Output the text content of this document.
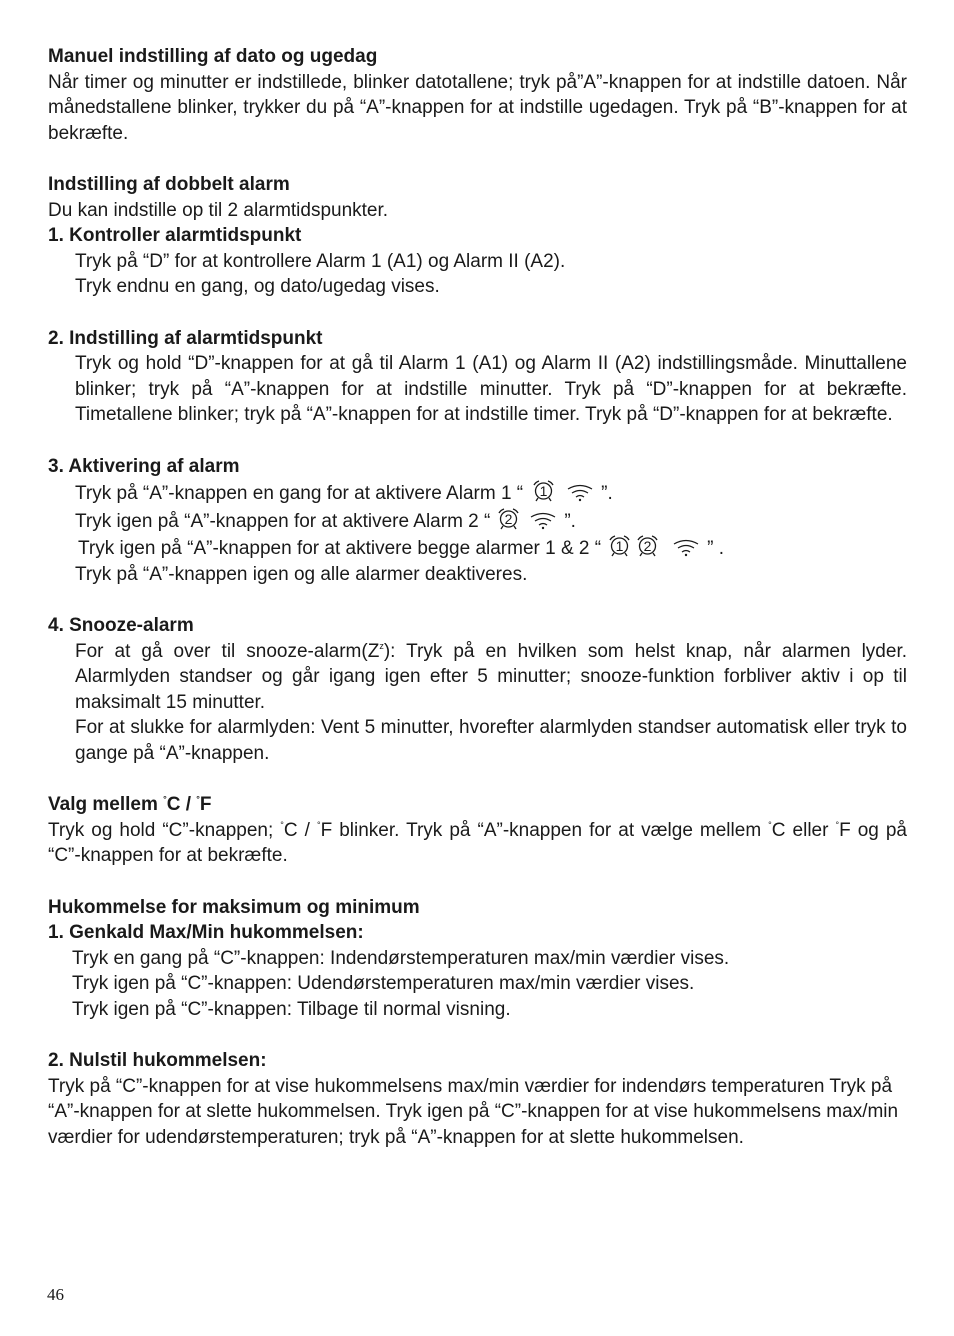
Manuel indstilling af dato og ugedag

Når timer og minutter er indstillede, blinker datotallene; tryk på”A”-knappen for at indstille datoen. Når månedstallene blinker, trykker du på “A”-knappen for at indstille ugedagen. Tryk på “B”-knappen for at bekræfte.

Indstilling af dobbelt alarm

Du kan indstille op til 2 alarmtidspunkter.

1. Kontroller alarmtidspunkt

Tryk på “D” for at kontrollere Alarm 1 (A1) og Alarm II (A2).

Tryk endnu en gang, og dato/ugedag vises.

2. Indstilling af alarmtidspunkt

Tryk og hold “D”-knappen for at gå til Alarm 1 (A1) og Alarm II (A2) indstillingsmåde. Minuttallene blinker; tryk på “A”-knappen for at indstille minutter. Tryk på “D”-knappen for at bekræfte. Timetallene blinker; tryk på “A”-knappen for at indstille timer. Tryk på “D”-knappen for at bekræfte.

3. Aktivering af alarm

Tryk på “A”-knappen en gang for at aktivere Alarm 1 “ 1	”.

Tryk igen på “A”-knappen for at aktivere Alarm 2 “ 2	”.

Tryk igen på “A”-knappen for at aktivere begge alarmer 1 & 2 “ 1 2	” .

Tryk på “A”-knappen igen og alle alarmer deaktiveres.

4. Snooze-alarm

For at gå over til snooze-$alarm(Z^z)$: Tryk på en hvilken som helst knap, når alarmen lyder. Alarmlyden standser og går igang igen efter 5 minutter; snooze-funktion forbliver aktiv i op til maksimalt 15 minutter.

For at slukke for alarmlyden: Vent 5 minutter, hvorefter alarmlyden standser automatisk eller tryk to gange på “A”-knappen.

Valg mellem °C / °F

Tryk og hold “C”-knappen; °C / °F blinker. Tryk på “A”-knappen for at vælge mellem °C eller °F og på “C”-knappen for at bekræfte.

Hukommelse for maksimum og minimum

1. Genkald Max/Min hukommelsen:

Tryk en gang på “C”-knappen: Indendørstemperaturen max/min værdier vises.

Tryk igen på “C”-knappen: Udendørstemperaturen max/min værdier vises.

Tryk igen på “C”-knappen: Tilbage til normal visning.

2. Nulstil hukommelsen:

Tryk på “C”-knappen for at vise hukommelsens max/min værdier for indendørs temperaturen Tryk på “A”-knappen for at slette hukommelsen. Tryk igen på “C”-knappen for at vise hukommelsens max/min værdier for udendørstemperaturen; tryk på “A”-knappen for at slette hukommelsen.

46
